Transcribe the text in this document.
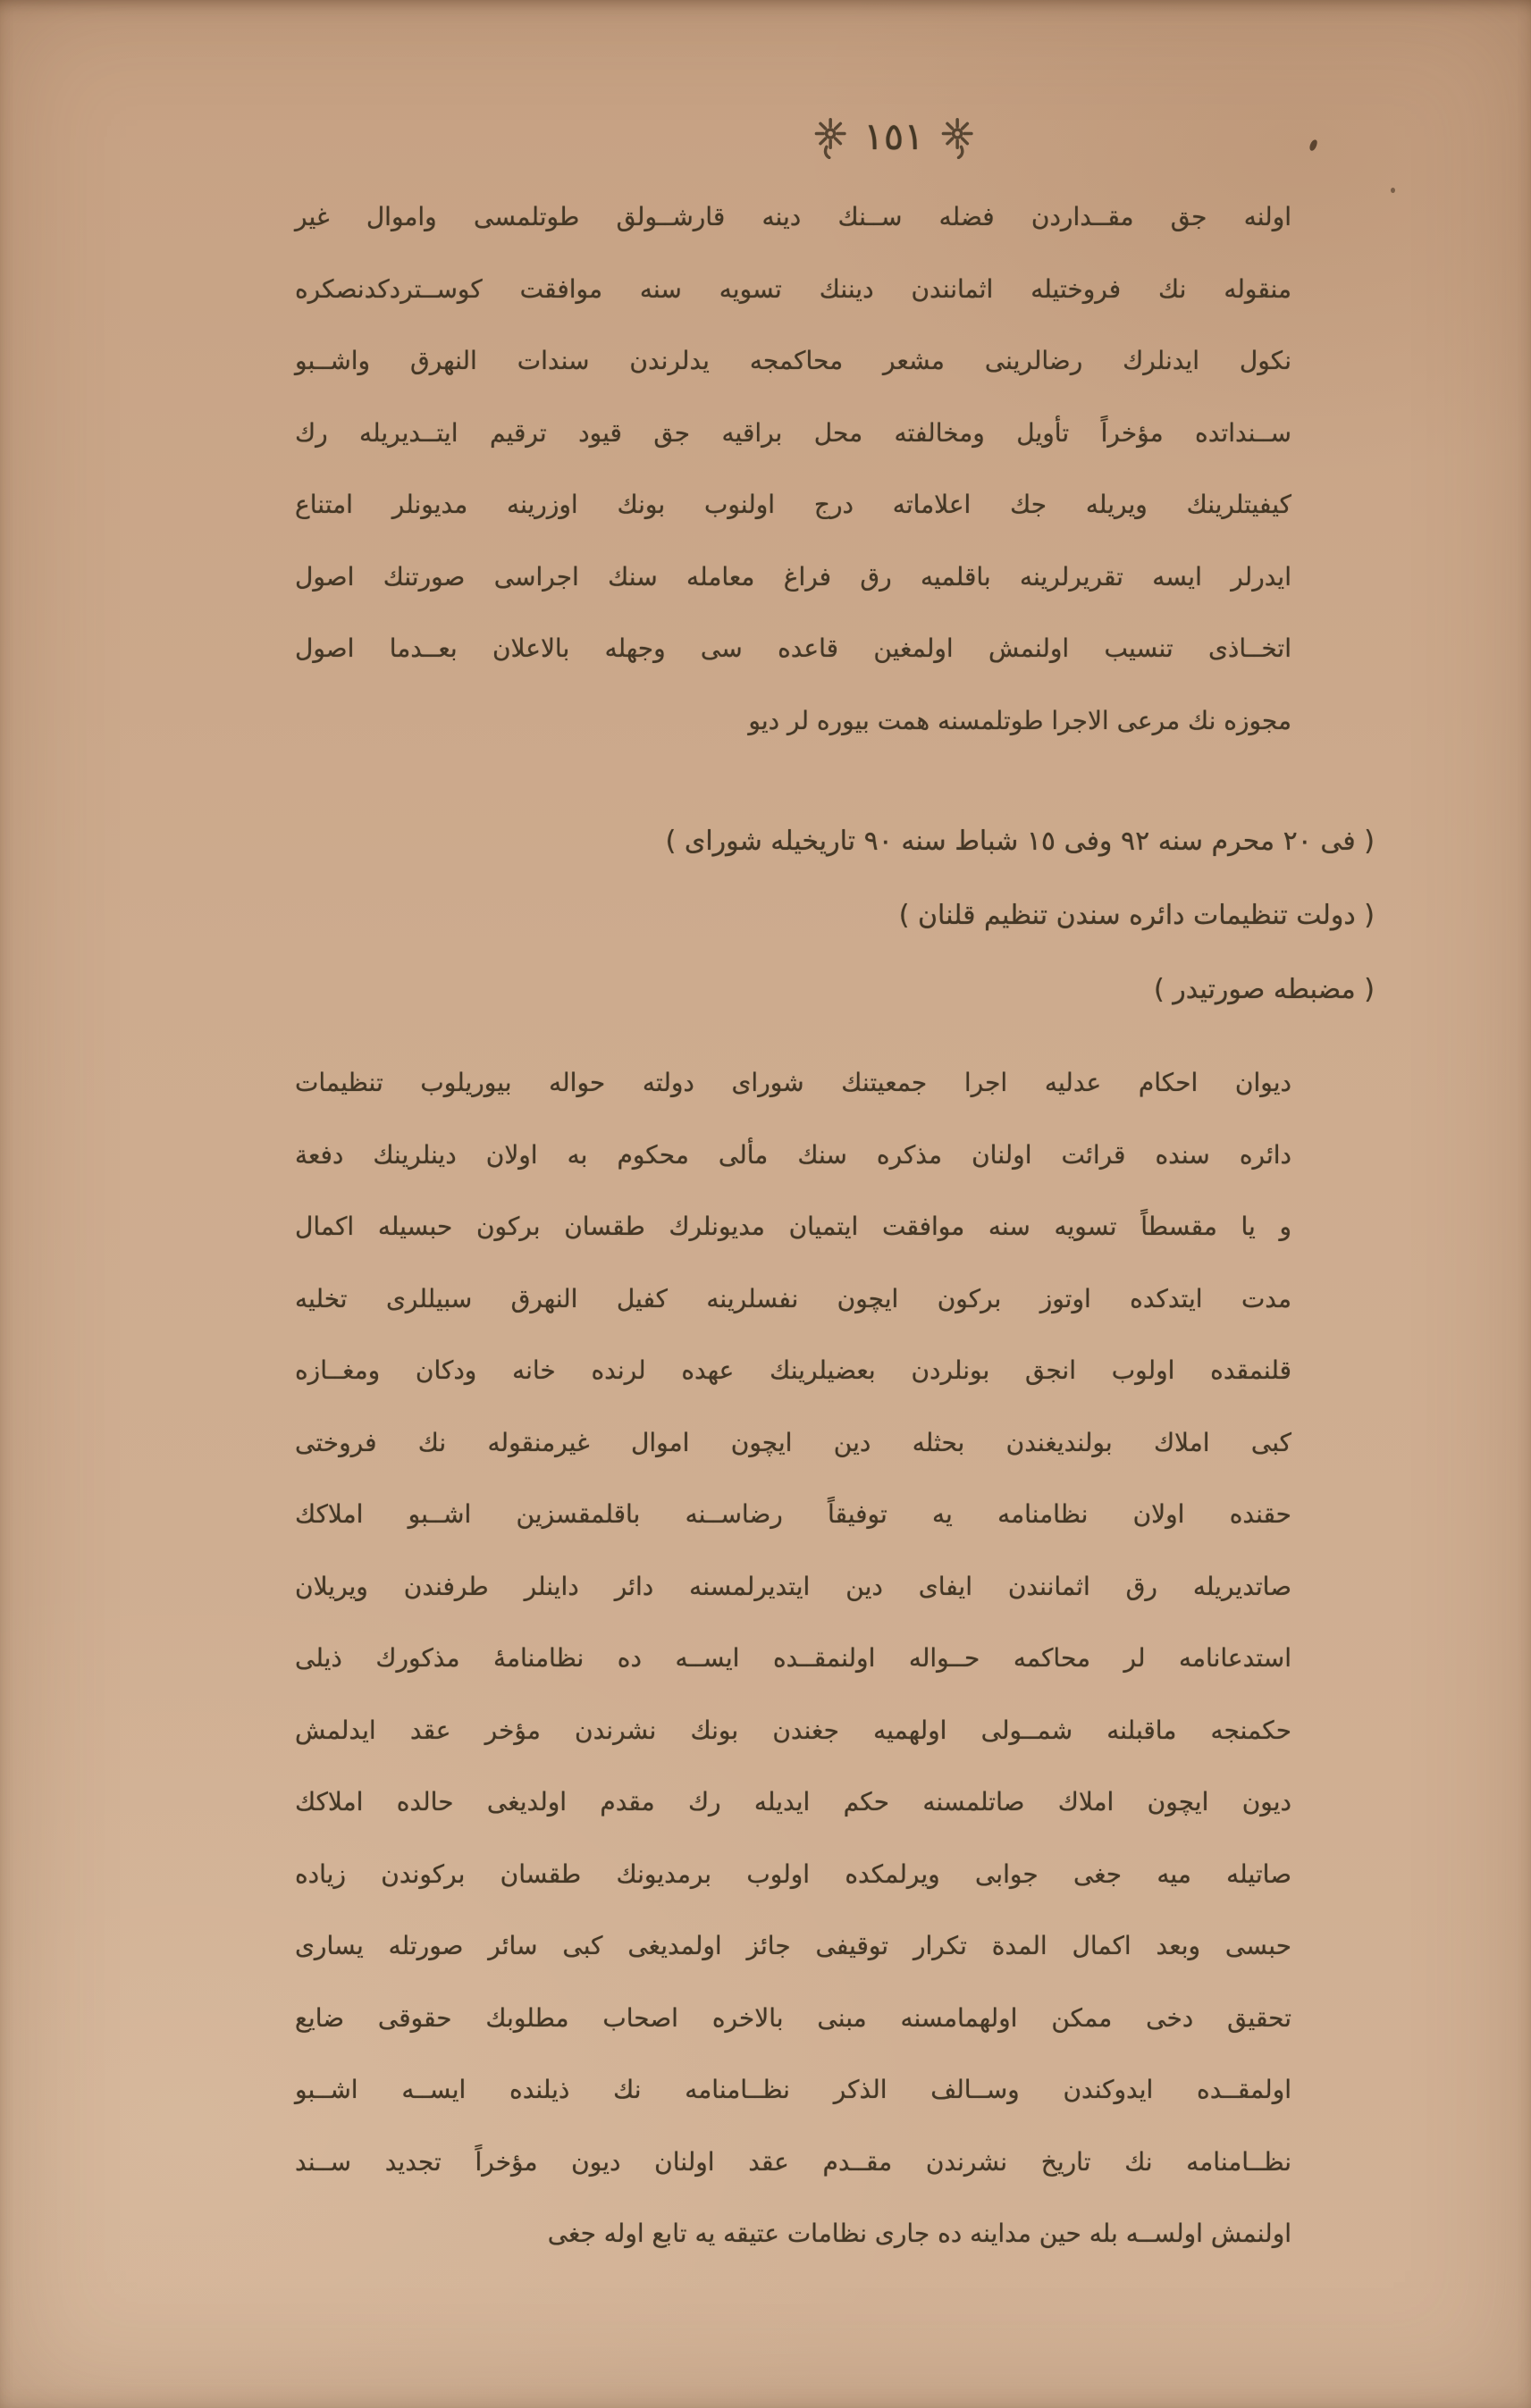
١٥١
اولنه جق مقــداردن فضله ســنك دينه قارشــولق طوتلمسى واموال غير
منقوله نك فروختيله اثمانندن ديننك تسويه سنه موافقت كوســتردكدنصكره
نكول ايدنلرك رضالرينى مشعر محاكمجه يدلرندن سندات النهرق واشــبو
ســنداتده مؤخراً تأويل ومخالفته محل براقيه جق قيود ترقيم ايتــديريله رك
كيفيتلرينك ويريله جك اعلاماته درج اولنوب بونك اوزرينه مديونلر امتناع
ايدرلر ايسه تقريرلرينه باقلميه رق فراغ معامله سنك اجراسى صورتنك اصول
اتخــاذى تنسيب اولنمش اولمغين قاعده سى وجهله بالاعلان بعــدما اصول
مجوزه نك مرعى الاجرا طوتلمسنه همت بيوره لر ديو
( فى ٢٠ محرم سنه ٩٢ وفى ١٥ شباط سنه ٩٠ تاريخيله شوراى )
( دولت تنظيمات دائره سندن تنظيم قلنان )
( مضبطه صورتيدر )
ديوان احكام عدليه اجرا جمعيتنك شوراى دولته حواله بيوريلوب تنظيمات
دائره سنده قرائت اولنان مذكره سنك مألى محكوم به اولان دينلرينك دفعة
و يا مقسطاً تسويه سنه موافقت ايتميان مديونلرك طقسان بركون حبسيله اكمال
مدت ايتدكده اوتوز بركون ايچون نفسلرينه كفيل النهرق سبيللرى تخليه
قلنمقده اولوب انجق بونلردن بعضيلرينك عهده لرنده خانه ودكان ومغــازه
كبى املاك بولنديغندن بحثله دين ايچون اموال غيرمنقوله نك فروختى
حقنده اولان نظامنامه يه توفيقاً رضاســنه باقلمقسزين اشــبو املاكك
صاتديريله رق اثمانندن ايفاى دين ايتديرلمسنه دائر داينلر طرفندن ويريلان
استدعانامه لر محاكمه حــواله اولنمقــده ايســه ده نظامنامهٔ مذكورك ذيلى
حكمنجه ماقبلنه شمــولى اولهميه جغندن بونك نشرندن مؤخر عقد ايدلمش
ديون ايچون املاك صاتلمسنه حكم ايديله رك مقدم اولديغى حالده املاكك
صاتيله ميه جغى جوابى ويرلمكده اولوب برمديونك طقسان بركوندن زياده
حبسى وبعد اكمال المدة تكرار توقيفى جائز اولمديغى كبى سائر صورتله يسارى
تحقيق دخى ممكن اولهمامسنه مبنى بالاخره اصحاب مطلوبك حقوقى ضايع
اولمقــده ايدوكندن وســالف الذكر نظــامنامه نك ذيلنده ايســه اشــبو
نظــامنامه نك تاريخ نشرندن مقــدم عقد اولنان ديون مؤخراً تجديد ســند
اولنمش اولســه بله حين مداينه ده جارى نظامات عتيقه يه تابع اوله جغى
